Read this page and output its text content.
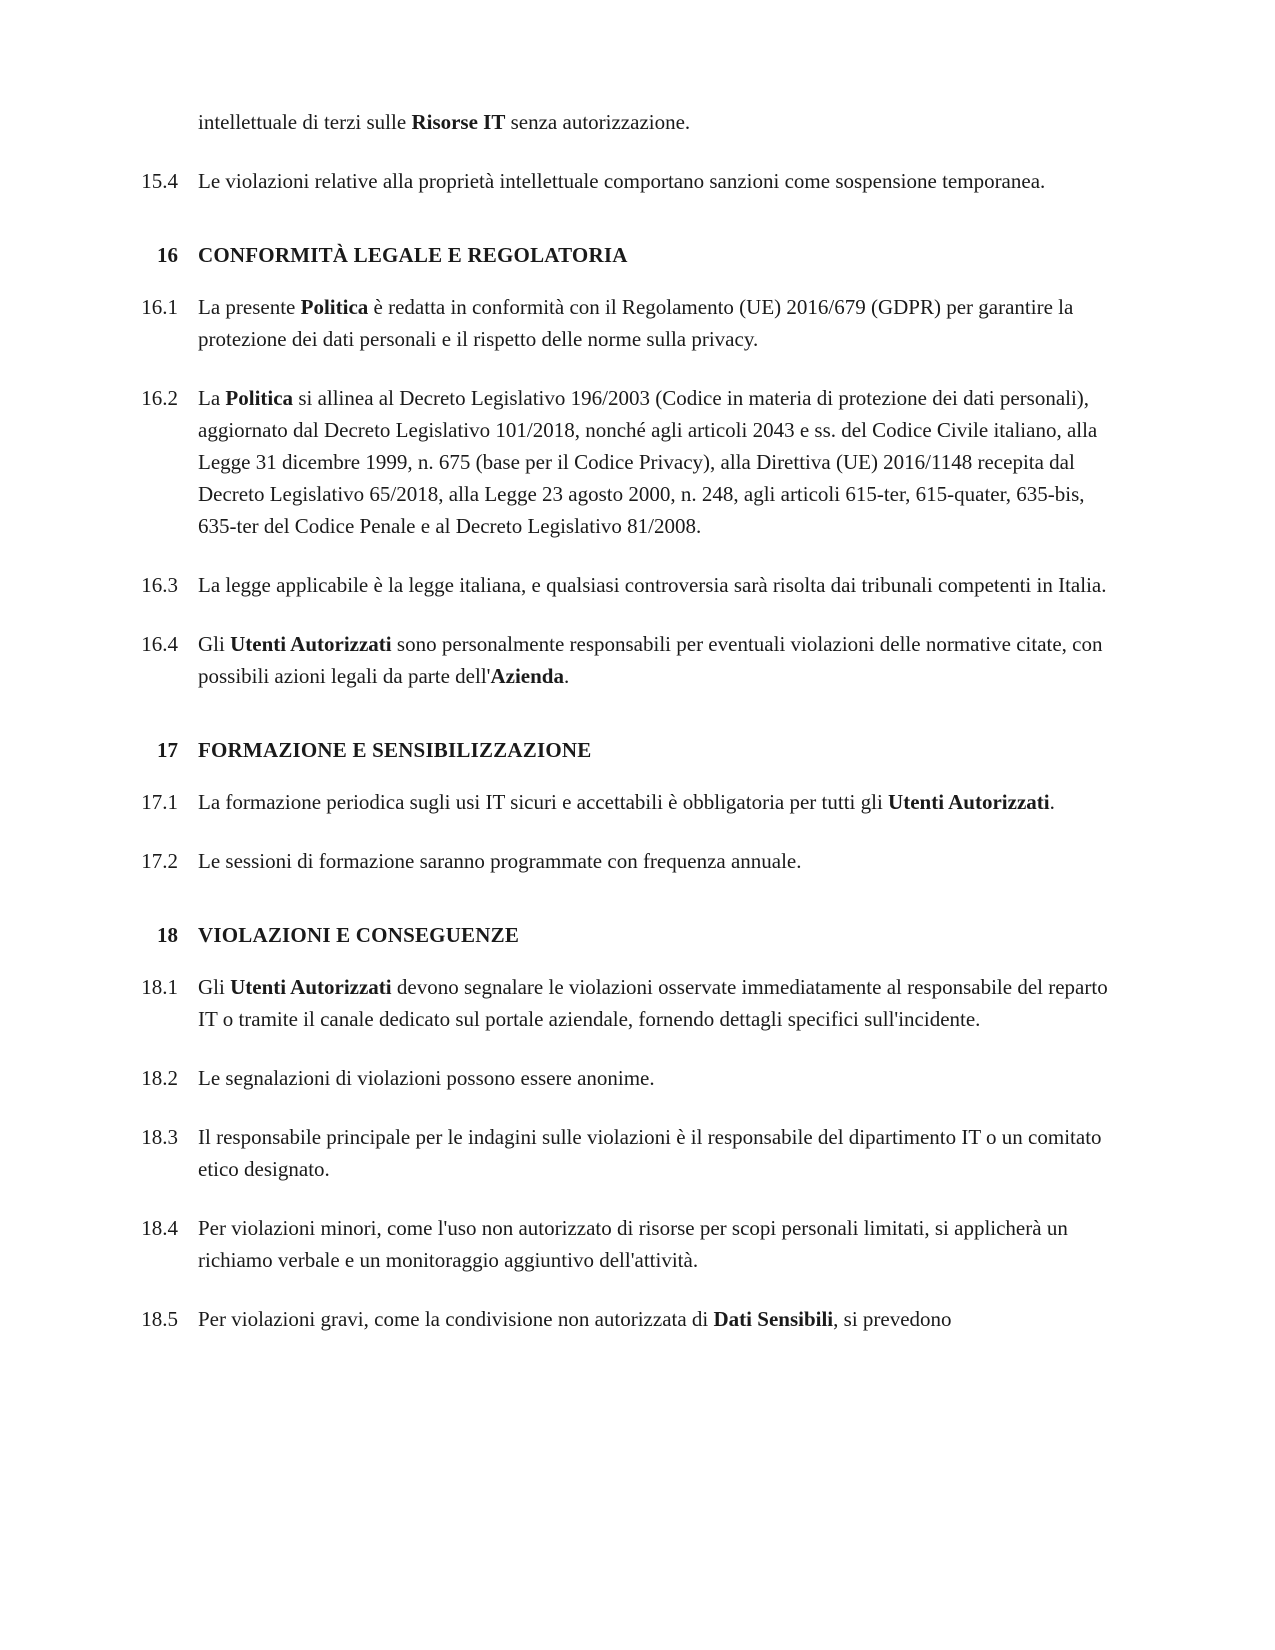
intellettuale di terzi sulle Risorse IT senza autorizzazione.

15.4 Le violazioni relative alla proprietà intellettuale comportano sanzioni come sospensione temporanea.

16 CONFORMITÀ LEGALE E REGOLATORIA
16.1 La presente Politica è redatta in conformità con il Regolamento (UE) 2016/679 (GDPR) per garantire la protezione dei dati personali e il rispetto delle norme sulla privacy.

16.2 La Politica si allinea al Decreto Legislativo 196/2003 (Codice in materia di protezione dei dati personali), aggiornato dal Decreto Legislativo 101/2018, nonché agli articoli 2043 e ss. del Codice Civile italiano, alla Legge 31 dicembre 1999, n. 675 (base per il Codice Privacy), alla Direttiva (UE) 2016/1148 recepita dal Decreto Legislativo 65/2018, alla Legge 23 agosto 2000, n. 248, agli articoli 615-ter, 615-quater, 635-bis, 635-ter del Codice Penale e al Decreto Legislativo 81/2008.

16.3 La legge applicabile è la legge italiana, e qualsiasi controversia sarà risolta dai tribunali competenti in Italia.

16.4 Gli Utenti Autorizzati sono personalmente responsabili per eventuali violazioni delle normative citate, con possibili azioni legali da parte dell'Azienda.

17 FORMAZIONE E SENSIBILIZZAZIONE
17.1 La formazione periodica sugli usi IT sicuri e accettabili è obbligatoria per tutti gli Utenti Autorizzati.

17.2 Le sessioni di formazione saranno programmate con frequenza annuale.

18 VIOLAZIONI E CONSEGUENZE
18.1 Gli Utenti Autorizzati devono segnalare le violazioni osservate immediatamente al responsabile del reparto IT o tramite il canale dedicato sul portale aziendale, fornendo dettagli specifici sull'incidente.

18.2 Le segnalazioni di violazioni possono essere anonime.

18.3 Il responsabile principale per le indagini sulle violazioni è il responsabile del dipartimento IT o un comitato etico designato.

18.4 Per violazioni minori, come l'uso non autorizzato di risorse per scopi personali limitati, si applicherà un richiamo verbale e un monitoraggio aggiuntivo dell'attività.

18.5 Per violazioni gravi, come la condivisione non autorizzata di Dati Sensibili, si prevedono
